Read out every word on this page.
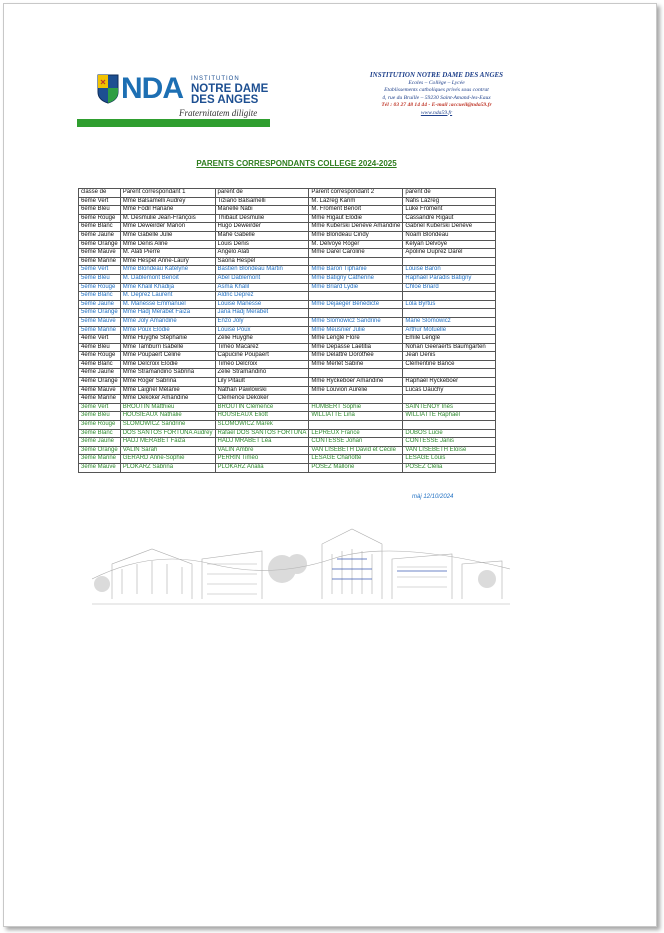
NDA INSTITUTION
NOTRE DAME
DES ANGES
Fraternitatem diligite
INSTITUTION NOTRE DAME DES ANGES
Ecoles – Collège – Lycée
Etablissements catholiques privés sous contrat
4, rue du Bruille – 59230 Saint-Amand-les-Eaux
Tél : 03 27 48 14 44 - E-mail :accueil@nda59.fr
www.nda59.fr
PARENTS CORRESPONDANTS COLLEGE 2024-2025
classe de	Parent correspondant 1	parent de	Parent correspondant 2	parent de
6ème Vert	Mme Balsamelli Audrey	Tiziano Balsamelli	M. Lazreg Karim	Nafis Lazreg
6ème Bleu	Mme Fodil Hanane	Manelle Nabi	M. Froment Benoît	Luke Froment
6ème Rouge	M. Desmulie Jean-François	Thibaut Desmulie	Mme Rigaut Elodie	Cassandre Rigaut
6ème Blanc	Mme Deweirder Marion	Hugo Deweirder	Mme Kuberski Denève Amandine	Gabriel Kuberski Denève
6ème Jaune	Mme Gabelle Julie	Mahé Gabelle	Mme Blondeau Cindy	Noam Blondeau
6ème Orange	Mme Denis Aline	Louis Denis	M. Delvoye Roger	Kélyan Delvoye
6ème Mauve	M. Alati Pierre	Angelo Alati	Mme Darel Caroline	Apoline Duprez Darel
6ème Marine	Mme Hespel Anne-Laury	Saona Hespel		
5ème Vert	Mme Blondeau Katelyne	Bastien Blondeau Martin	Mme Baron Tiphanie	Louise Baron
5ème Bleu	M. Dablemont Benoit	Abel Dablemont	Mme Batigny Catherine	Raphaël Paradis Batigny
5ème Rouge	Mme Khalil Khadija	Asma Khalil	Mme Briard Lydie	Chloé Briard
5ème Blanc	M. Deprez Laurent	Aldric Deprez		
5ème Jaune	M. Manesse Emmanuel	Louise Manesse	Mme Déjaeger Bénédicte	Lola Byrtus
5ème Orange	Mme Hadj Merabet Faiza	Jana Hadj Merabet		
5ème Mauve	Mme Joly Amandine	Enzo Joly	Mme Slomowicz Sandrine	Marie Slomowicz
5ème Marine	Mme Poux Elodie	Louise Poux	Mme Meusnier Julie	Arthur Motuelle
4ème Vert	Mme Huyghe Stéphanie	Zélie Huyghe	Mme Lenglé Flore	Emile Lenglé
4ème Bleu	Mme Tamburri Isabelle	Timéo Macarez	Mme Depasse Laetitia	Nohan Geeraerts Baumgarten
4ème Rouge	Mme Poupaert Céline	Capucine Poupaert	Mme Delattre Dorothée	Jean Denis
4ème Blanc	Mme Delcroix Elodie	Timéo Delcroix	Mme Merlet Sabine	Clémentine Bance
4ème Jaune	Mme Stramandino Sabrina	Zélie Stramandino		
4ème Orange	Mme Roger Sabrina	Lily Pitault	Mme Ryckeboer Amandine	Raphaël Ryckeboer
4ème Mauve	Mme Laignel Mélanie	Nathan Pawlowski	Mme Louvion Aurélie	Lucas Dauchy
4ème Marine	Mme Dekoker Amandine	Clémence Dekoker		
3ème Vert	BROUTIN Matthieu	BROUTIN Clémence	HUMBERT Sophie	SAINTENOY Inès
3ème Bleu	HOUSIEAUX Nathalie	HOUSIEAUX Eliott	WILLIATTE Lina	WILLIATTE Raphaël
3ème Rouge	SLOMOWICZ Sandrine	SLOMOWICZ Marek		
3ème Blanc	DOS SANTOS FORTUNA Audrey	Rafael DOS SANTOS FORTUNA	LEPREUX France	DUBOS Lucie
3ème Jaune	HADJ MERABET Faiza	HADJ MRABET Léa	CONTESSE Johan	CONTESSE Janis
3ème Orange	VALIN Sarah	VALIN Ambre	VAN LISEBETH David et Cécile	VAN LISEBETH Eloïse
3ème Marine	GERARD Anne-Sophie	PERRIN Timéo	LESAGE Charlotte	LESAGE Louis
3ème Mauve	PLOKARZ Sabrina	PLOKARZ Analia	POSEZ Mallorie	POSEZ Clélia
màj 12/10/2024
